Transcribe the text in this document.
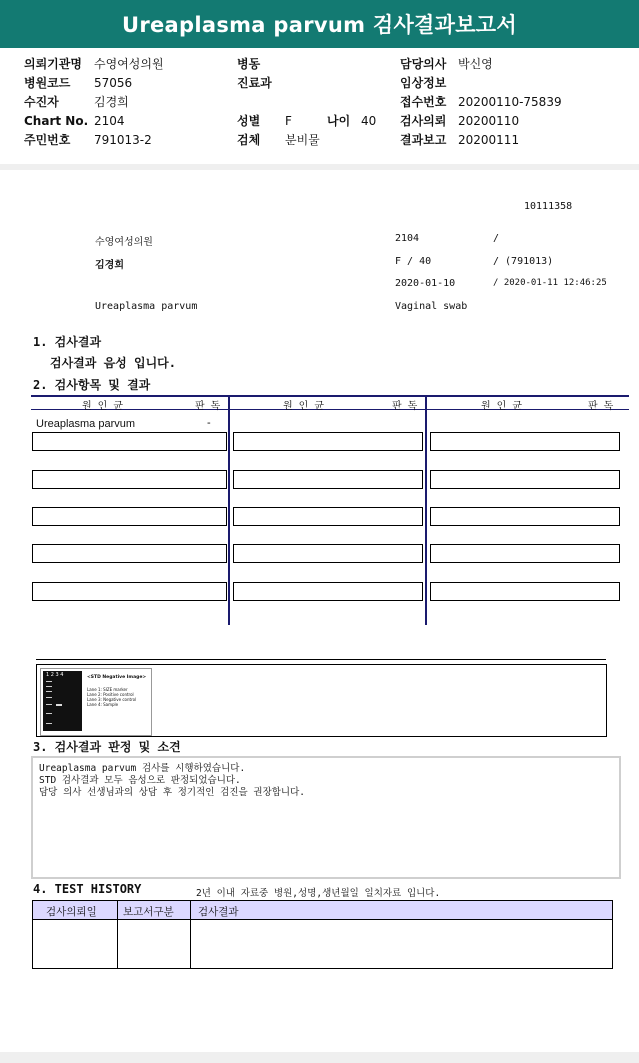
Ureaplasma parvum 검사결과보고서
의뢰기관명 수영여성의원
병원코드 57056
수진자	김경희
Chart No. 2104
주민번호 791013-2
병동
진료과
성별 F	나이 40
검체 분비물
담당의사 박신영
임상정보
접수번호 20200110-75839
검사의뢰 20200110
결과보고 20200111
10111358
수영여성의원	2104	/
김경희	F / 40	/ (791013)
2020-01-10	/ 2020-01-11 12:46:25
Ureaplasma parvum	Vaginal swab
1. 검사결과
검사결과 음성 입니다.
2. 검사항목 및 결과
원 인 균	판 독	원 인 균	판 독	원 인 균	판 독
Ureaplasma parvum	-
1 2 3 4	<STD Negative Image>
Lane 1: SIZE marker
Lane 2: Positive control
Lane 3: Negative control
Lane 4: Sample
3. 검사결과 판정 및 소견
Ureaplasma parvum 검사를 시행하였습니다.
STD 검사결과 모두 음성으로 판정되었습니다.
담당 의사 선생님과의 상담 후 정기적인 검진을 권장합니다.
4. TEST HISTORY	2년 이내 자료중 병원,성명,생년월일 일치자료 입니다.
검사의뢰일	보고서구분 검사결과
